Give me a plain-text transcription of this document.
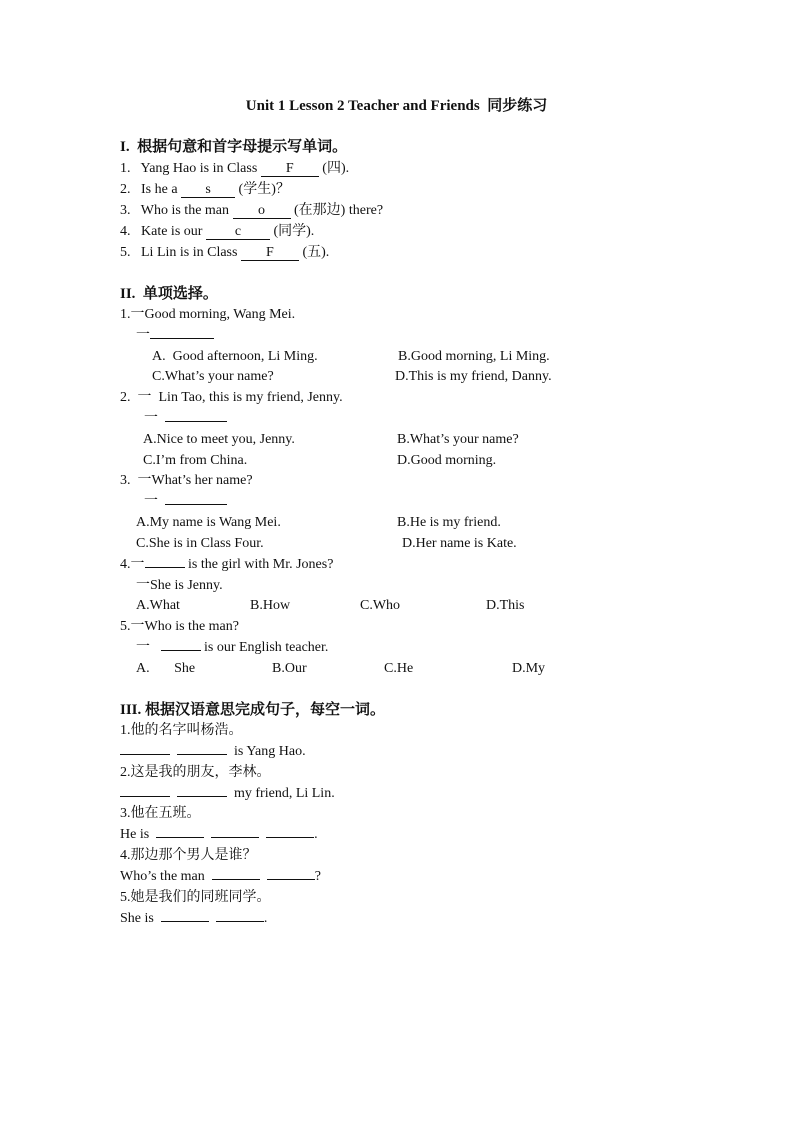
Unit 1 Lesson 2 Teacher and Friends  同步练习
I.  根据句意和首字母提示写单词。
1. Yang Hao is in Class F (四).
2. Is he a s (学生)？
3. Who is the man o (在那边) there?
4. Kate is our c (同学).
5. Li Lin is in Class F (五).
II.  单项选择。
1.一Good morning, Wang Mei.
一
A.  Good afternoon, Li Ming.	B.Good morning, Li Ming.
C.What’s your name?	D.This is my friend, Danny.
2.  一  Lin Tao, this is my friend, Jenny.
一
A.Nice to meet you, Jenny.	B.What’s your name?
C.I’m from China.	D.Good morning.
3.  一What’s her name?
一
A.My name is Wang Mei.	B.He is my friend.
C.She is in Class Four.	D.Her name is Kate.
4.一	is the girl with Mr. Jones?
一She is Jenny.
A.What	B.How	C.Who	D.This
5.一Who is the man?
一	is our English teacher.
A. She	B.Our	C.He	D.My
III. 根据汉语意思完成句子，每空一词。
1.他的名字叫杨浩。
is Yang Hao.
2.这是我的朋友，李林。
my friend, Li Lin.
3.他在五班。
He is	.
4.那边那个男人是谁？
Who’s the man	?
5.她是我们的同班同学。
She is	.
